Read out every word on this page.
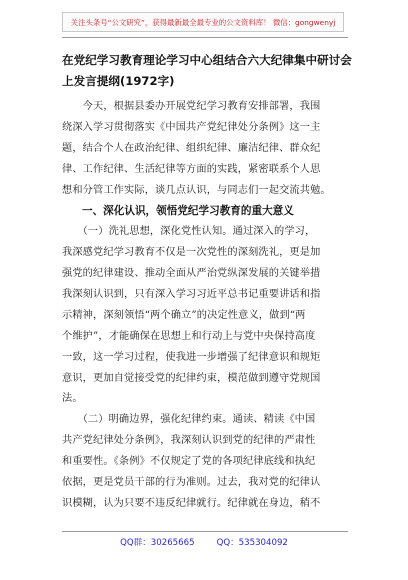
关注头条号“公文研究”，获得最新最全最专业的公文资料库！ 微信：gongwenyj
在党纪学习教育理论学习中心组结合六大纪律集中研讨会
上发言提纲(1972字)

　　今天，根据县委办开展党纪学习教育安排部署，我围
绕深入学习贯彻落实《中国共产党纪律处分条例》这一主
题，结合个人在政治纪律、组织纪律、廉洁纪律、群众纪
律、工作纪律、生活纪律等方面的实践，紧密联系个人思
想和分管工作实际，谈几点认识，与同志们一起交流共勉。

一、深化认识，领悟党纪学习教育的重大意义

　　（一）洗礼思想，深化党性认知。通过深入的学习，
我深感党纪学习教育不仅是一次党性的深刻洗礼，更是加
强党的纪律建设、推动全面从严治党纵深发展的关键举措
我深刻认识到，只有深入学习习近平总书记重要讲话和指
示精神，深刻领悟“两个确立”的决定性意义，做到“两
个维护”，才能确保在思想上和行动上与党中央保持高度
一致，这一学习过程，使我进一步增强了纪律意识和规矩
意识，更加自觉接受党的纪律约束，模范做到遵守党规国
法。

　　（二）明确边界，强化纪律约束。通读、精读《中国
共产党纪律处分条例》，我深刻认识到党的纪律的严肃性
和重要性。《条例》不仅规定了党的各项纪律底线和执纪
依据，更是党员干部的行为准则。过去，我对党的纪律认
识模糊，认为只要不违反纪律就行。纪律就在身边，稍不

QQ群：30265665	QQ：535304092
